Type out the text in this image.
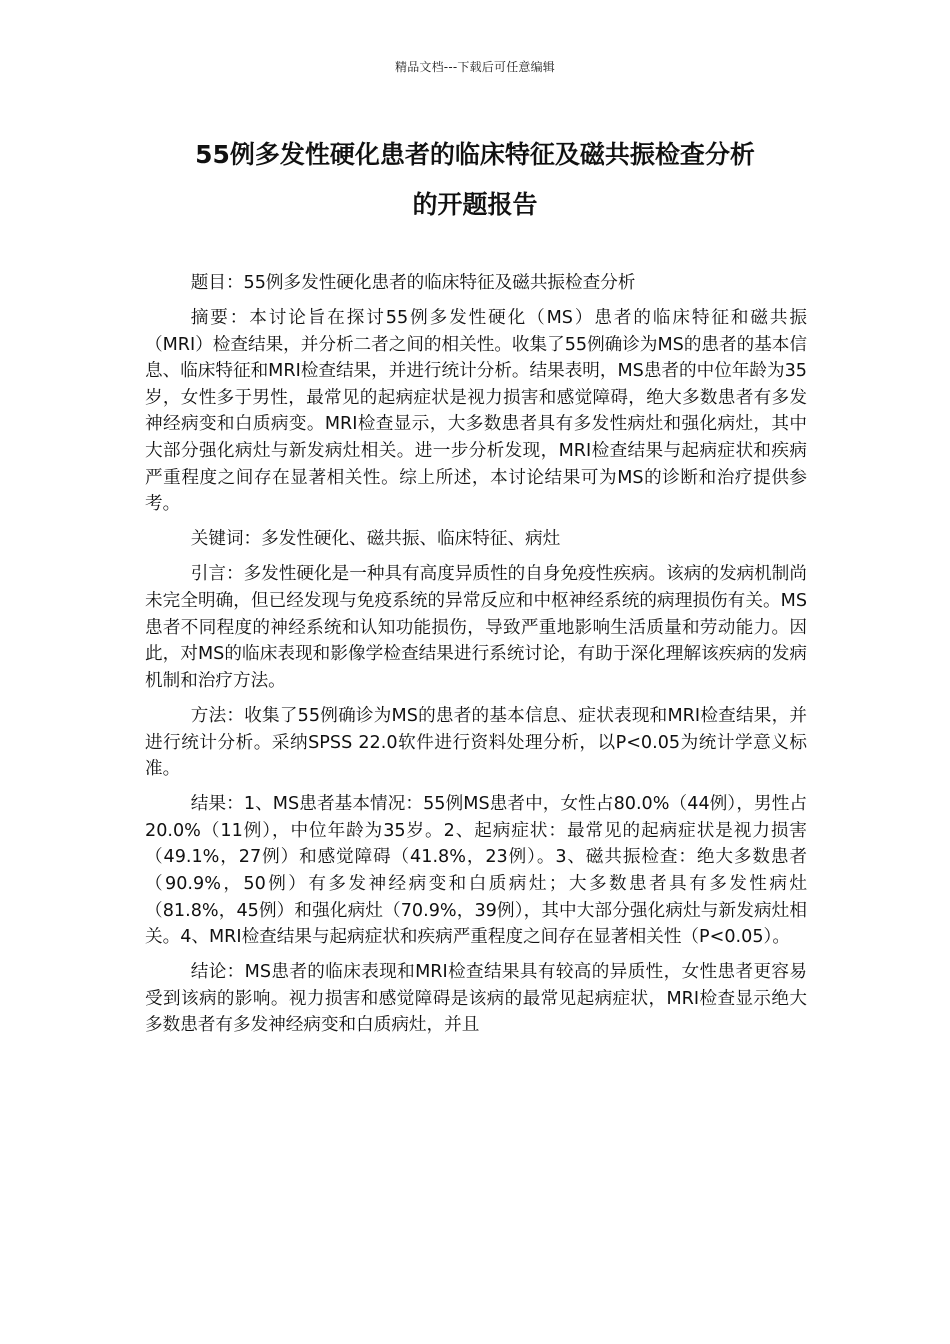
精品文档---下载后可任意编辑
55例多发性硬化患者的临床特征及磁共振检查分析
的开题报告

题目：55例多发性硬化患者的临床特征及磁共振检查分析

摘要：本讨论旨在探讨55例多发性硬化（MS）患者的临床特征和磁共振（MRI）检查结果，并分析二者之间的相关性。收集了55例确诊为MS的患者的基本信息、临床特征和MRI检查结果，并进行统计分析。结果表明，MS患者的中位年龄为35岁，女性多于男性，最常见的起病症状是视力损害和感觉障碍，绝大多数患者有多发神经病变和白质病变。MRI检查显示，大多数患者具有多发性病灶和强化病灶，其中大部分强化病灶与新发病灶相关。进一步分析发现，MRI检查结果与起病症状和疾病严重程度之间存在显著相关性。综上所述，本讨论结果可为MS的诊断和治疗提供参考。

关键词：多发性硬化、磁共振、临床特征、病灶

引言：多发性硬化是一种具有高度异质性的自身免疫性疾病。该病的发病机制尚未完全明确，但已经发现与免疫系统的异常反应和中枢神经系统的病理损伤有关。MS患者不同程度的神经系统和认知功能损伤，导致严重地影响生活质量和劳动能力。因此，对MS的临床表现和影像学检查结果进行系统讨论，有助于深化理解该疾病的发病机制和治疗方法。

方法：收集了55例确诊为MS的患者的基本信息、症状表现和MRI检查结果，并进行统计分析。采纳SPSS 22.0软件进行资料处理分析，以P<0.05为统计学意义标准。

结果：1、MS患者基本情况：55例MS患者中，女性占80.0%（44例），男性占20.0%（11例），中位年龄为35岁。2、起病症状：最常见的起病症状是视力损害（49.1%，27例）和感觉障碍（41.8%，23例）。3、磁共振检查：绝大多数患者（90.9%，50例）有多发神经病变和白质病灶；大多数患者具有多发性病灶（81.8%，45例）和强化病灶（70.9%，39例），其中大部分强化病灶与新发病灶相关。4、MRI检查结果与起病症状和疾病严重程度之间存在显著相关性（P<0.05）。

结论：MS患者的临床表现和MRI检查结果具有较高的异质性，女性患者更容易受到该病的影响。视力损害和感觉障碍是该病的最常见起病症状，MRI检查显示绝大多数患者有多发神经病变和白质病灶，并且
